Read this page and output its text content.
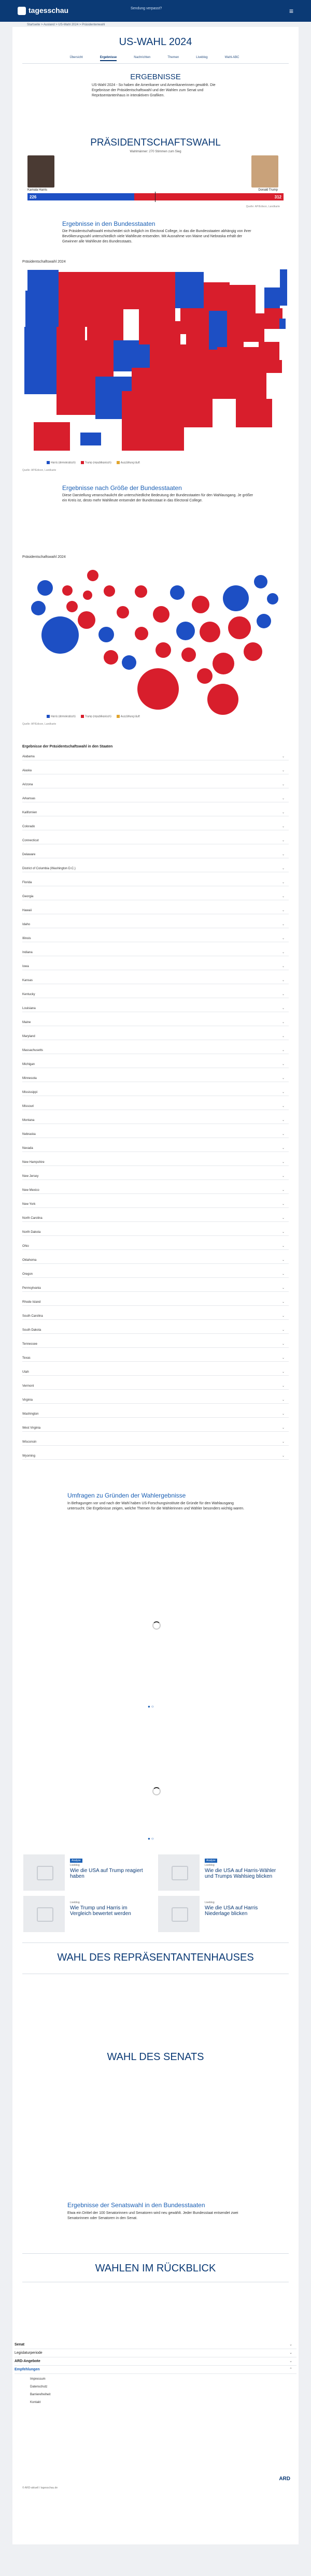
tagesschau	Sendung verpasst?	≡
Startseite > Ausland > US-Wahl 2024 > Präsidentenwahl
US-WAHL 2024
Übersicht	Ergebnisse	Nachrichten	Themen	Liveblog	Wahl-ABC
ERGEBNISSE
US-Wahl 2024 - So haben die Amerikaner und Amerikanerinnen gewählt. Die Ergebnisse der Präsidentschaftswahl und der Wahlen zum Senat und Repräsentantenhaus in interaktiven Grafiken.
PRÄSIDENTSCHAFTSWAHL
Wahlmänner: 270 Stimmen zum Sieg
Kamala Harris	Donald Trump
226	312
Quelle: AP/Edison, Landkarte
Ergebnisse in den Bundesstaaten
Die Präsidentschaftswahl entscheidet sich lediglich im Electoral College, in das die Bundesstaaten abhängig von ihrer Bevölkerungszahl unterschiedlich viele Wahlleute entsenden. Mit Ausnahme von Maine und Nebraska erhält der Gewinner alle Wahlleute des Bundesstaats.
Präsidentschaftswahl 2024
Harris (demokratisch)	Trump (republikanisch)	Auszählung läuft
Quelle: AP/Edison, Landkarte
Ergebnisse nach Größe der Bundesstaaten
Diese Darstellung veranschaulicht die unterschiedliche Bedeutung der Bundesstaaten für den Wahlausgang. Je größer ein Kreis ist, desto mehr Wahlleute entsendet der Bundesstaat in das Electoral College.
Präsidentschaftswahl 2024
Harris (demokratisch)	Trump (republikanisch)	Auszählung läuft
Quelle: AP/Edison, Landkarte
Ergebnisse der Präsidentschaftswahl in den Staaten
Alabama	⌄
Alaska	⌄
Arizona	⌄
Arkansas	⌄
Kalifornien	⌄
Colorado	⌄
Connecticut	⌄
Delaware	⌄
District of Columbia (Washington D.C.)	⌄
Florida	⌄
Georgia	⌄
Hawaii	⌄
Idaho	⌄
Illinois	⌄
Indiana	⌄
Iowa	⌄
Kansas	⌄
Kentucky	⌄
Louisiana	⌄
Maine	⌄
Maryland	⌄
Massachusetts	⌄
Michigan	⌄
Minnesota	⌄
Mississippi	⌄
Missouri	⌄
Montana	⌄
Nebraska	⌄
Nevada	⌄
New Hampshire	⌄
New Jersey	⌄
New Mexico	⌄
New York	⌄
North Carolina	⌄
North Dakota	⌄
Ohio	⌄
Oklahoma	⌄
Oregon	⌄
Pennsylvania	⌄
Rhode Island	⌄
South Carolina	⌄
South Dakota	⌄
Tennessee	⌄
Texas	⌄
Utah	⌄
Vermont	⌄
Virginia	⌄
Washington	⌄
West Virginia	⌄
Wisconsin	⌄
Wyoming	⌄
Umfragen zu Gründen der Wahlergebnisse
In Befragungen vor und nach der Wahl haben US-Forschungsinstitute die Gründe für den Wahlausgang untersucht. Die Ergebnisse zeigen, welche Themen für die Wählerinnen und Wähler besonders wichtig waren.
●○
●○
Analyse
Liveblog
Wie die USA auf Trump reagiert haben
Analyse
Liveblog
Wie die USA auf Harris-Wähler und Trumps Wahlsieg blicken
Liveblog
Wie Trump und Harris im Vergleich bewertet werden
Liveblog
Wie die USA auf Harris Niederlage blicken
WAHL DES REPRÄSENTANTENHAUSES
WAHL DES SENATS
Ergebnisse der Senatswahl in den Bundesstaaten
Etwa ein Drittel der 100 Senatorinnen und Senatoren wird neu gewählt. Jeder Bundesstaat entsendet zwei Senatorinnen oder Senatoren in den Senat.
WAHLEN IM RÜCKBLICK
Senat	⌄
Legislaturperiode	⌄
ARD-Angebote	⌄
Empfehlungen	⌃
Impressum
Datenschutz
Barrierefreiheit
Kontakt
ARD
© ARD-aktuell / tagesschau.de
